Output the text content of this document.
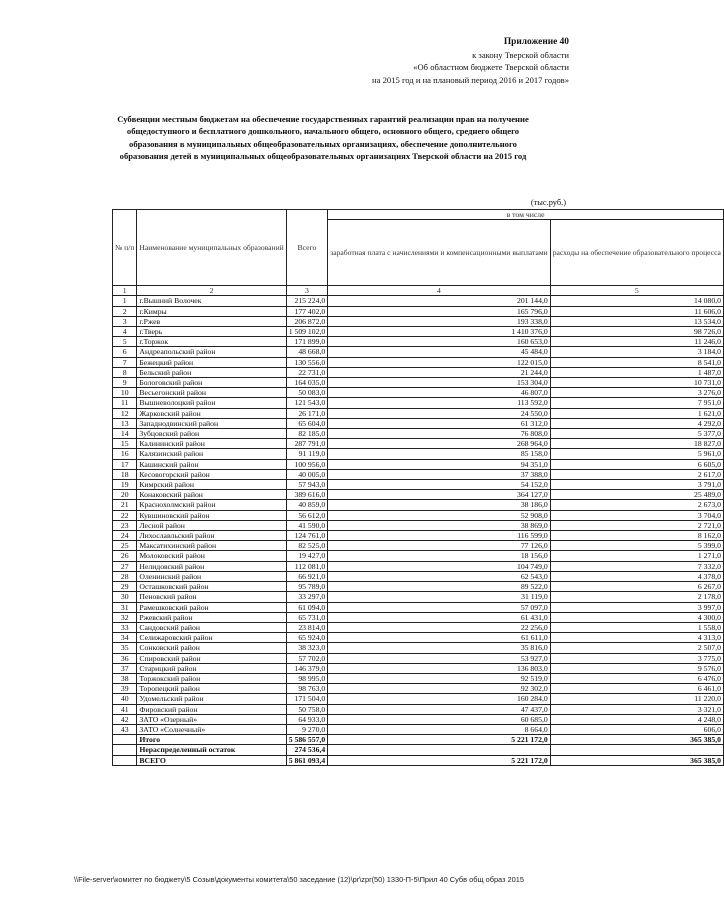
Приложение 40
к закону Тверской области
«Об областном бюджете Тверской области
на 2015 год и на плановый период 2016 и 2017 годов»
Субвенции местным бюджетам на обеспечение государственных гарантий реализации прав на получение общедоступного и бесплатного дошкольного, начального общего, основного общего, среднего общего образования в муниципальных общеобразовательных организациях, обеспечение дополнительного образования детей в муниципальных общеобразовательных организациях Тверской области на 2015 год
(тыс.руб.)
№ п/п	Наименование муниципальных образований	Всего	в том числе	
			заработная плата с начислениями и компенсационными выплатами	расходы на обеспечение образовательного процесса
1	2	3	4	5
1	г.Вышний Волочек	215 224,0	201 144,0	14 080,0
2	г.Кимры	177 402,0	165 796,0	11 606,0
3	г.Ржев	206 872,0	193 338,0	13 534,0
4	г.Тверь	1 509 102,0	1 410 376,0	98 726,0
5	г.Торжок	171 899,0	160 653,0	11 246,0
6	Андреапольский район	48 668,0	45 484,0	3 184,0
7	Бежецкий район	130 556,0	122 015,0	8 541,0
8	Бельский район	22 731,0	21 244,0	1 487,0
9	Бологовский район	164 035,0	153 304,0	10 731,0
10	Весьегонский район	50 083,0	46 807,0	3 276,0
11	Вышневолоцкий район	121 543,0	113 592,0	7 951,0
12	Жарковский район	26 171,0	24 550,0	1 621,0
13	Западнодвинский район	65 604,0	61 312,0	4 292,0
14	Зубцовский район	82 185,0	76 808,0	5 377,0
15	Калининский район	287 791,0	268 964,0	18 827,0
16	Калязинский район	91 119,0	85 158,0	5 961,0
17	Кашинский район	100 956,0	94 351,0	6 605,0
18	Кесовогорский район	40 005,0	37 388,0	2 617,0
19	Кимрский район	57 943,0	54 152,0	3 791,0
20	Конаковский район	389 616,0	364 127,0	25 489,0
21	Краснохолмский район	40 859,0	38 186,0	2 673,0
22	Кувшиновский район	56 612,0	52 908,0	3 704,0
23	Лесной район	41 590,0	38 869,0	2 721,0
24	Лихославльский район	124 761,0	116 599,0	8 162,0
25	Максатихинский район	82 525,0	77 126,0	5 399,0
26	Молоковский район	19 427,0	18 156,0	1 271,0
27	Нелидовский район	112 081,0	104 749,0	7 332,0
28	Оленинский район	66 921,0	62 543,0	4 378,0
29	Осташковский район	95 789,0	89 522,0	6 267,0
30	Пеновский район	33 297,0	31 119,0	2 178,0
31	Рамешковский район	61 094,0	57 097,0	3 997,0
32	Ржевский район	65 731,0	61 431,0	4 300,0
33	Сандовский район	23 814,0	22 256,0	1 558,0
34	Селижаровский район	65 924,0	61 611,0	4 313,0
35	Сонковский район	38 323,0	35 816,0	2 507,0
36	Спировский район	57 702,0	53 927,0	3 775,0
37	Старицкий район	146 379,0	136 803,0	9 576,0
38	Торжокский район	98 995,0	92 519,0	6 476,0
39	Торопецкий район	98 763,0	92 302,0	6 461,0
40	Удомельский район	171 504,0	160 284,0	11 220,0
41	Фировский район	50 758,0	47 437,0	3 321,0
42	ЗАТО «Озерный»	64 933,0	60 685,0	4 248,0
43	ЗАТО «Солнечный»	9 270,0	8 664,0	606,0
	Итого	5 586 557,0	5 221 172,0	365 385,0
	Нераспределенный остаток	274 536,4		
	ВСЕГО	5 861 093,4	5 221 172,0	365 385,0
\\File-server\комитет по бюджету\5 Созыв\документы комитета\50 заседание (12)\pr\zpr(50) 1330-П-5\Прил 40 Субв общ образ 2015
